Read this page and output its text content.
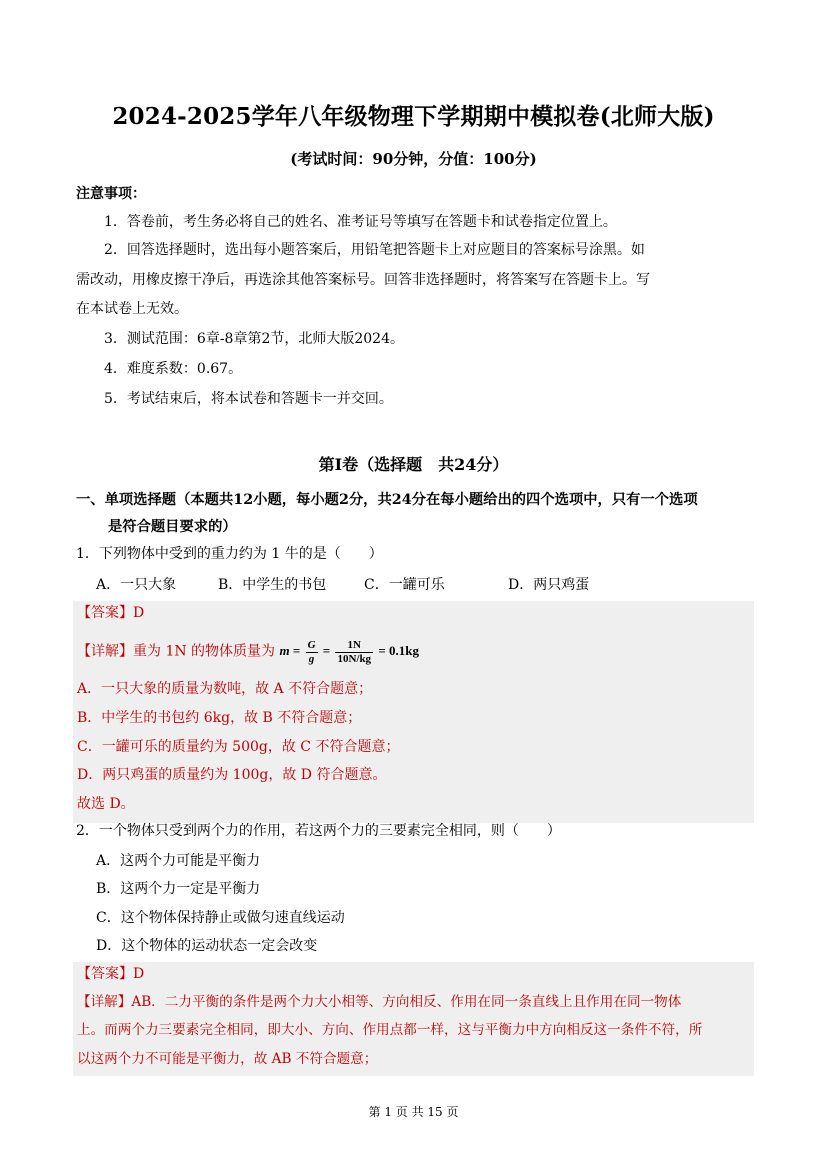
2024-2025学年八年级物理下学期期中模拟卷(北师大版)
(考试时间：90分钟，分值：100分)
注意事项：
1．答卷前，考生务必将自己的姓名、准考证号等填写在答题卡和试卷指定位置上。
2．回答选择题时，选出每小题答案后，用铅笔把答题卡上对应题目的答案标号涂黑。如
需改动，用橡皮擦干净后，再选涂其他答案标号。回答非选择题时，将答案写在答题卡上。写
在本试卷上无效。
3．测试范围：6章-8章第2节，北师大版2024。
4．难度系数：0.67。
5．考试结束后，将本试卷和答题卡一并交回。
第Ⅰ卷（选择题　共24分）
一、单项选择题（本题共12小题，每小题2分，共24分在每小题给出的四个选项中，只有一个选项
是符合题目要求的）
1．下列物体中受到的重力约为 1 牛的是（　　）
A．一只大象	B．中学生的书包	C．一罐可乐	D．两只鸡蛋
【答案】D
【详解】重为 1N 的物体质量为 $m = \frac{G}{g} = \frac{1N}{10N/kg} = 0.1kg$
A．一只大象的质量为数吨，故 A 不符合题意；
B．中学生的书包约 6kg，故 B 不符合题意；
C．一罐可乐的质量约为 500g，故 C 不符合题意；
D．两只鸡蛋的质量约为 100g，故 D 符合题意。
故选 D。
2．一个物体只受到两个力的作用，若这两个力的三要素完全相同，则（　　）
A．这两个力可能是平衡力
B．这两个力一定是平衡力
C．这个物体保持静止或做匀速直线运动
D．这个物体的运动状态一定会改变
【答案】D
【详解】AB．二力平衡的条件是两个力大小相等、方向相反、作用在同一条直线上且作用在同一物体
上。而两个力三要素完全相同，即大小、方向、作用点都一样，这与平衡力中方向相反这一条件不符，所
以这两个力不可能是平衡力，故 AB 不符合题意；
第 1 页 共 15 页
